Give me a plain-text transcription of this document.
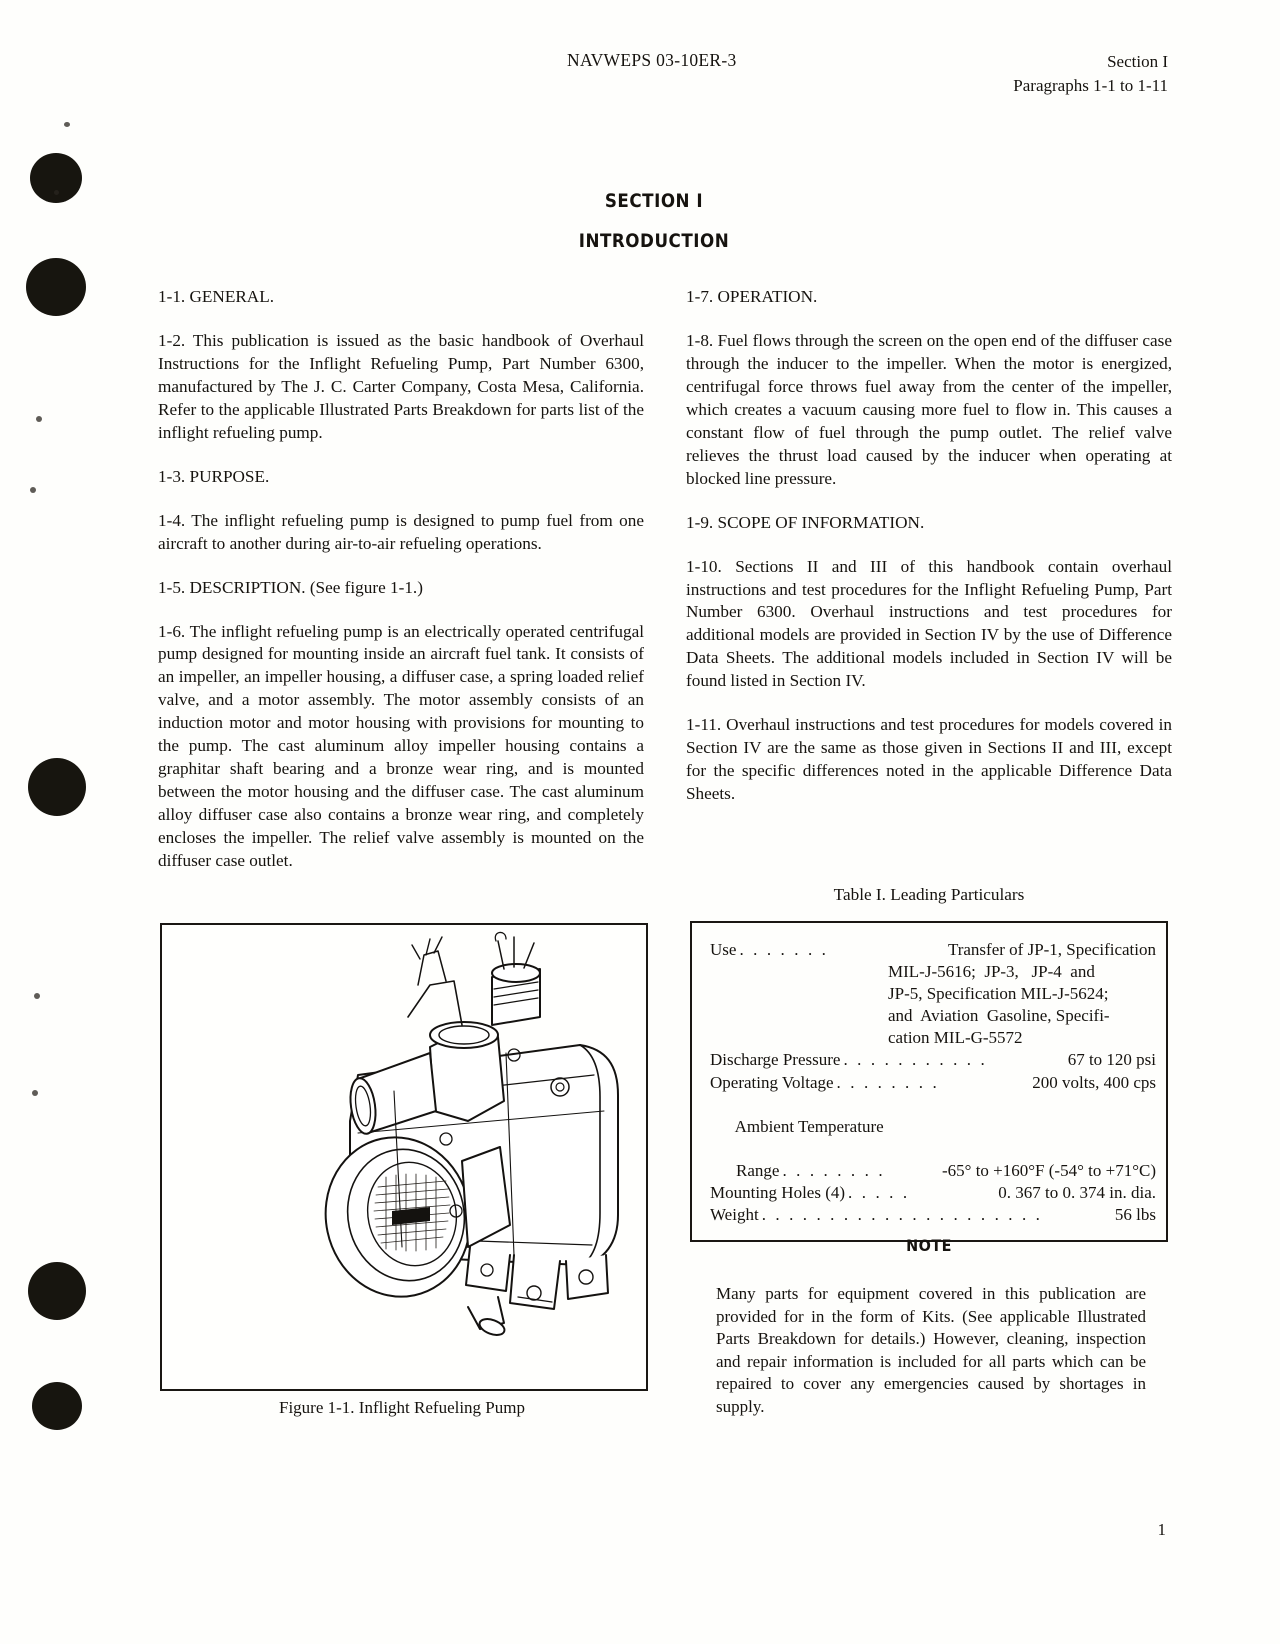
NAVWEPS 03-10ER-3	Section I
Paragraphs 1-1 to 1-11
SECTION I
INTRODUCTION

1-1. GENERAL.

1-2. This publication is issued as the basic handbook of Overhaul Instructions for the Inflight Refueling Pump, Part Number 6300, manufactured by The J. C. Carter Company, Costa Mesa, California. Refer to the applicable Illustrated Parts Breakdown for parts list of the inflight refueling pump.

1-3. PURPOSE.

1-4. The inflight refueling pump is designed to pump fuel from one aircraft to another during air-to-air refueling operations.

1-5. DESCRIPTION. (See figure 1-1.)

1-6. The inflight refueling pump is an electrically operated centrifugal pump designed for mounting inside an aircraft fuel tank. It consists of an impeller, an impeller housing, a diffuser case, a spring loaded relief valve, and a motor assembly. The motor assembly consists of an induction motor and motor housing with provisions for mounting to the pump. The cast aluminum alloy impeller housing contains a graphitar shaft bearing and a bronze wear ring, and is mounted between the motor housing and the diffuser case. The cast aluminum alloy diffuser case also contains a bronze wear ring, and completely encloses the impeller. The relief valve assembly is mounted on the diffuser case outlet.

1-7. OPERATION.

1-8. Fuel flows through the screen on the open end of the diffuser case through the inducer to the impeller. When the motor is energized, centrifugal force throws fuel away from the center of the impeller, which creates a vacuum causing more fuel to flow in. This causes a constant flow of fuel through the pump outlet. The relief valve relieves the thrust load caused by the inducer when operating at blocked line pressure.

1-9. SCOPE OF INFORMATION.

1-10. Sections II and III of this handbook contain overhaul instructions and test procedures for the Inflight Refueling Pump, Part Number 6300. Overhaul instructions and test procedures for additional models are provided in Section IV by the use of Difference Data Sheets. The additional models included in Section IV will be found listed in Section IV.

1-11. Overhaul instructions and test procedures for models covered in Section IV are the same as those given in Sections II and III, except for the specific differences noted in the applicable Difference Data Sheets.

Figure 1-1. Inflight Refueling Pump
Table I. Leading Particulars
Use . . . . . . .	Transfer of JP-1, Specification
MIL-J-5616;  JP-3,   JP-4  and
JP-5, Specification MIL-J-5624;
and  Aviation  Gasoline, Specifi-
cation MIL-G-5572
Discharge Pressure . . . . . . . . . . .	67 to 120 psi
Operating Voltage . . . . . . . .	200 volts, 400 cps

Ambient Temperature

Range . . . . . . . .	-65° to +160°F (-54° to +71°C)
Mounting Holes (4) . . . . .	0. 367 to 0. 374 in. dia.
Weight . . . . . . . . . . . . . . . . . . . . .	56 lbs
NOTE
Many parts for equipment covered in this publication are provided for in the form of Kits. (See applicable Illustrated Parts Breakdown for details.) However, cleaning, inspection and repair information is included for all parts which can be repaired to cover any emergencies caused by shortages in supply.
1
